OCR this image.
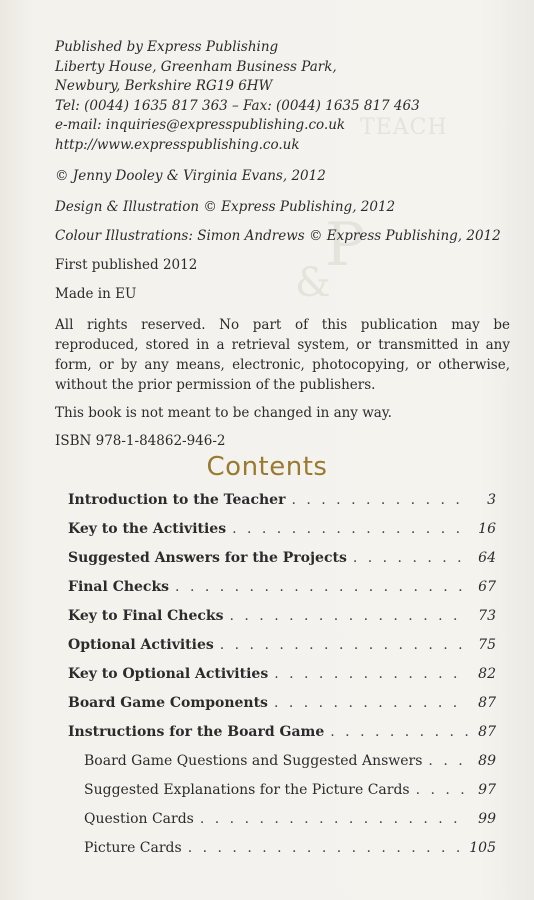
TEACH
P
&
Published by Express Publishing
Liberty House, Greenham Business Park,
Newbury, Berkshire RG19 6HW
Tel: (0044) 1635 817 363 – Fax: (0044) 1635 817 463
e-mail: inquiries@expresspublishing.co.uk
http://www.expresspublishing.co.uk
© Jenny Dooley & Virginia Evans, 2012
Design & Illustration © Express Publishing, 2012
Colour Illustrations: Simon Andrews © Express Publishing, 2012
First published 2012
Made in EU
All rights reserved. No part of this publication may be reproduced, stored in a retrieval system, or transmitted in any form, or by any means, electronic, photocopying, or otherwise, without the prior permission of the publishers.
This book is not meant to be changed in any way.
ISBN 978-1-84862-946-2
Contents
Introduction to the Teacher . . .	3
Key to the Activities . . .	16
Suggested Answers for the Projects . . .	64
Final Checks . . .	67
Key to Final Checks . . .	73
Optional Activities . . .	75
Key to Optional Activities . . .	82
Board Game Components . . .	87
Instructions for the Board Game . . .	87
Board Game Questions and Suggested Answers . . .	89
Suggested Explanations for the Picture Cards . . .	97
Question Cards . . .	99
Picture Cards . . .	105
